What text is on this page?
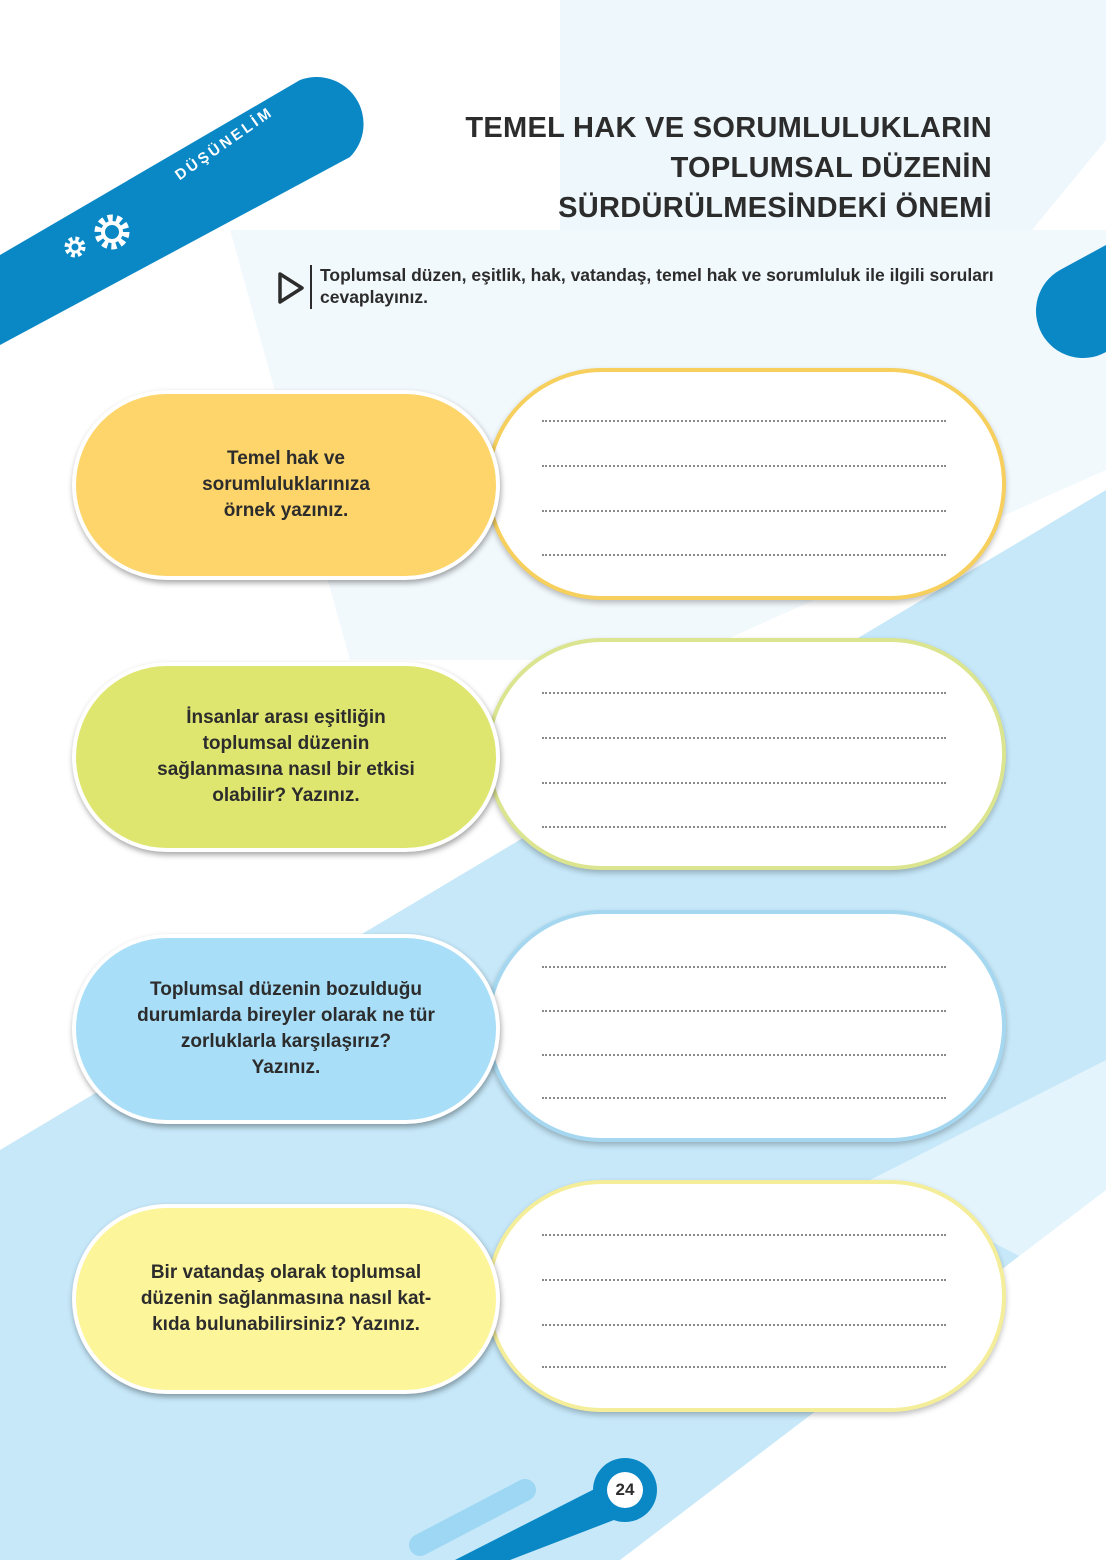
DÜŞÜNELİM	TEMEL HAK VE SORUMLULUKLARIN
TOPLUMSAL DÜZENİN
SÜRDÜRÜLMESİNDEKİ ÖNEMİ
Toplumsal düzen, eşitlik, hak, vatandaş, temel hak ve sorumluluk ile ilgili soruları cevaplayınız.
Temel hak ve
sorumluluklarınıza
örnek yazınız.
İnsanlar arası eşitliğin
toplumsal düzenin
sağlanmasına nasıl bir etkisi
olabilir? Yazınız.
Toplumsal düzenin bozulduğu
durumlarda bireyler olarak ne tür
zorluklarla karşılaşırız?
Yazınız.
Bir vatandaş olarak toplumsal
düzenin sağlanmasına nasıl kat-
kıda bulunabilirsiniz? Yazınız.
24
